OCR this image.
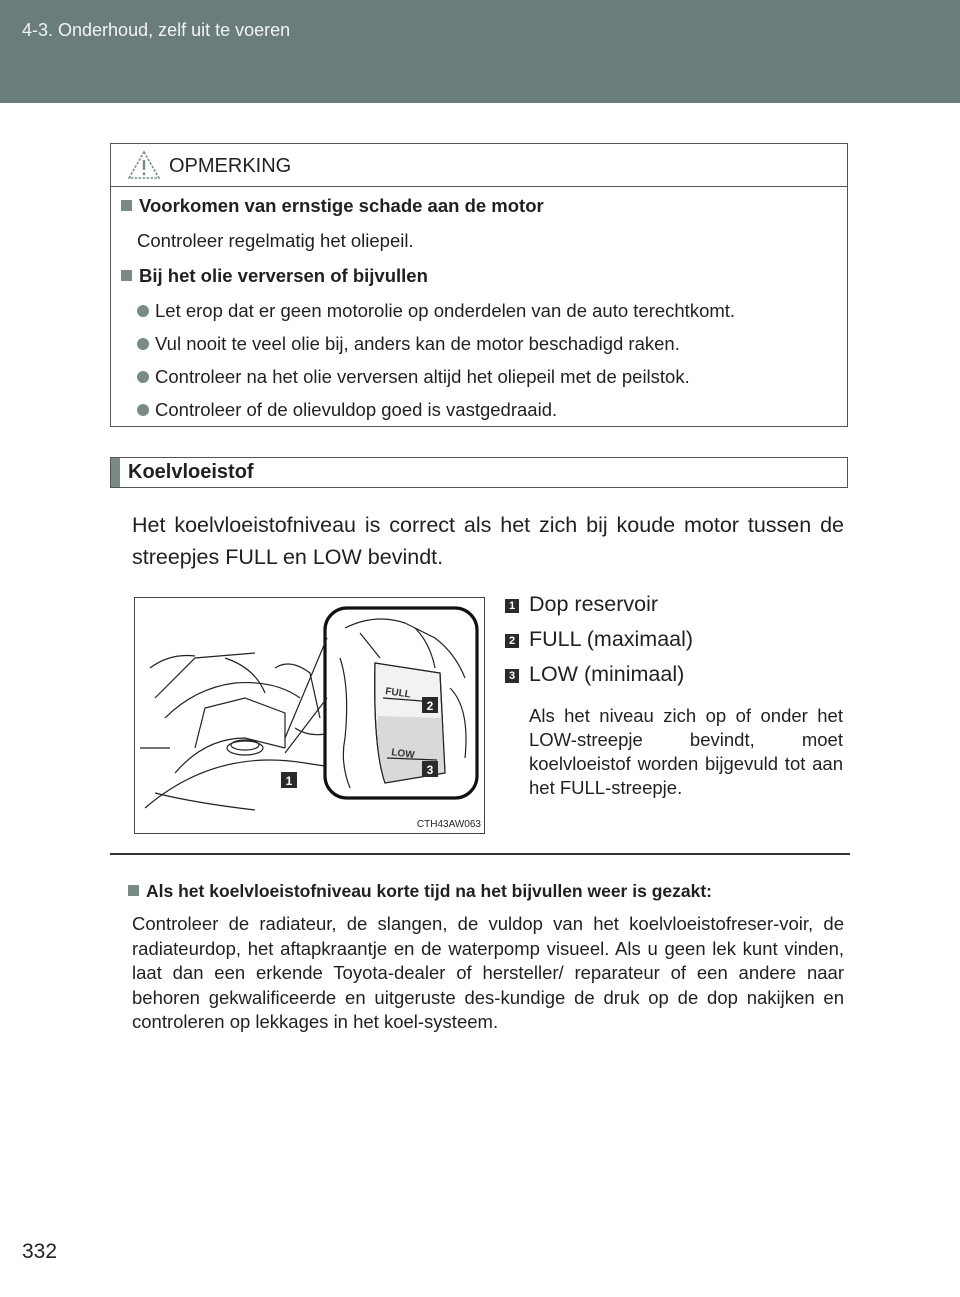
4-3. Onderhoud, zelf uit te voeren
OPMERKING
Voorkomen van ernstige schade aan de motor
Controleer regelmatig het oliepeil.
Bij het olie verversen of bijvullen
Let erop dat er geen motorolie op onderdelen van de auto terechtkomt.
Vul nooit te veel olie bij, anders kan de motor beschadigd raken.
Controleer na het olie verversen altijd het oliepeil met de peilstok.
Controleer of de olievuldop goed is vastgedraaid.
Koelvloeistof
Het koelvloeistofniveau is correct als het zich bij koude motor tussen de streepjes FULL en LOW bevindt.
FULL
LOW
1
2
3
CTH43AW063
1 Dop reservoir
2 FULL (maximaal)
3 LOW (minimaal)
Als het niveau zich op of onder het LOW-streepje bevindt, moet koelvloeistof worden bijgevuld tot aan het FULL-streepje.
Als het koelvloeistofniveau korte tijd na het bijvullen weer is gezakt:
Controleer de radiateur, de slangen, de vuldop van het koelvloeistofreser-voir, de radiateurdop, het aftapkraantje en de waterpomp visueel. Als u geen lek kunt vinden, laat dan een erkende Toyota-dealer of hersteller/ reparateur of een andere naar behoren gekwalificeerde en uitgeruste des-kundige de druk op de dop nakijken en controleren op lekkages in het koel-systeem.
332
